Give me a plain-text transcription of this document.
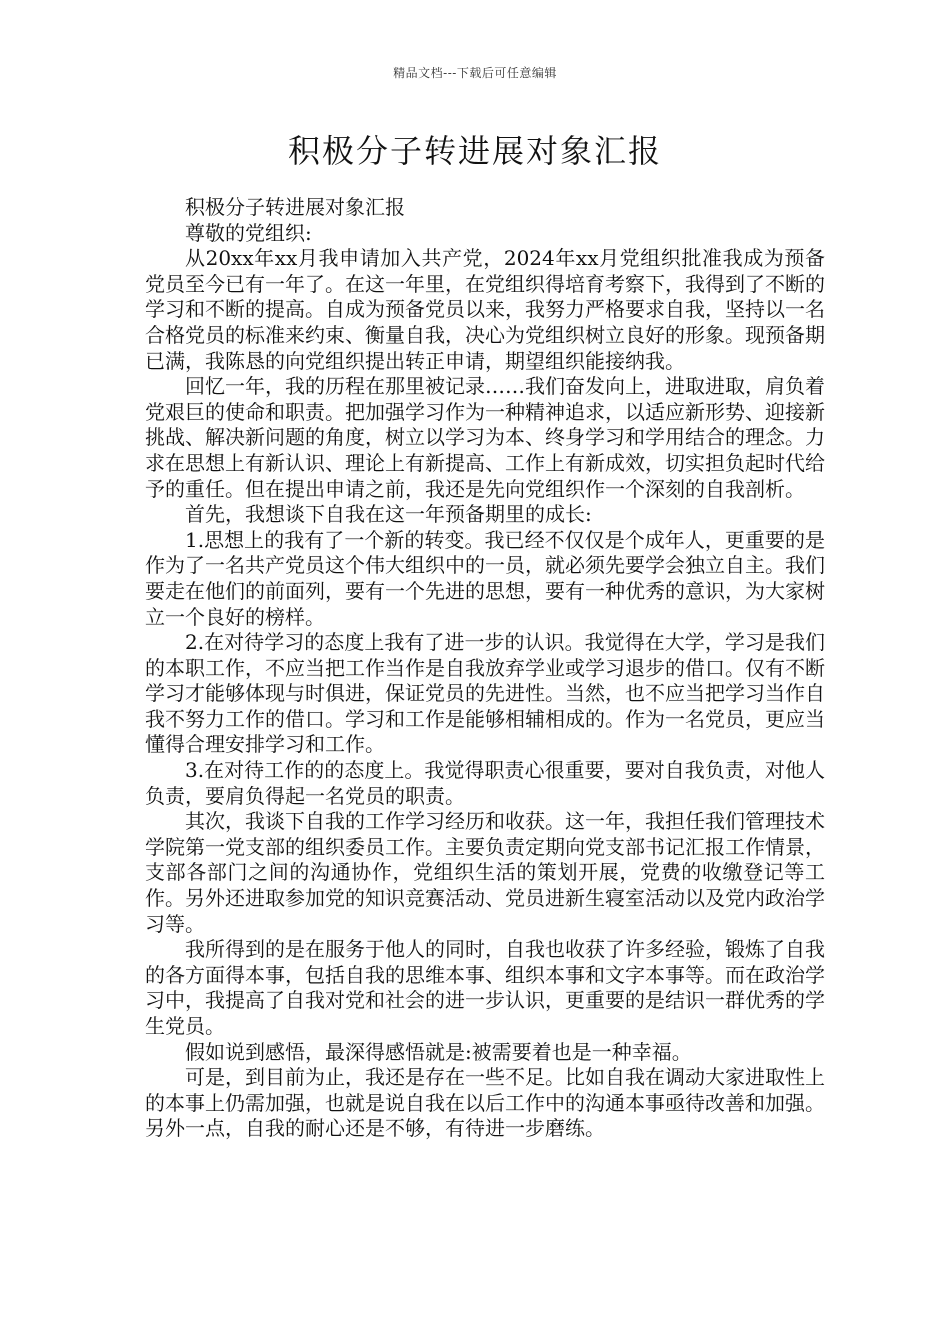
精品文档---下载后可任意编辑
积极分子转进展对象汇报

积极分子转进展对象汇报

尊敬的党组织:

从20xx年xx月我申请加入共产党，2024年xx月党组织批准我成为预备党员至今已有一年了。在这一年里，在党组织得培育考察下，我得到了不断的学习和不断的提高。自成为预备党员以来，我努力严格要求自我，坚持以一名合格党员的标准来约束、衡量自我，决心为党组织树立良好的形象。现预备期已满，我陈恳的向党组织提出转正申请，期望组织能接纳我。

回忆一年，我的历程在那里被记录……我们奋发向上，进取进取，肩负着党艰巨的使命和职责。把加强学习作为一种精神追求，以适应新形势、迎接新挑战、解决新问题的角度，树立以学习为本、终身学习和学用结合的理念。力求在思想上有新认识、理论上有新提高、工作上有新成效，切实担负起时代给予的重任。但在提出申请之前，我还是先向党组织作一个深刻的自我剖析。

首先，我想谈下自我在这一年预备期里的成长:

1.思想上的我有了一个新的转变。我已经不仅仅是个成年人，更重要的是作为了一名共产党员这个伟大组织中的一员，就必须先要学会独立自主。我们要走在他们的前面列，要有一个先进的思想，要有一种优秀的意识，为大家树立一个良好的榜样。

2.在对待学习的态度上我有了进一步的认识。我觉得在大学，学习是我们的本职工作，不应当把工作当作是自我放弃学业或学习退步的借口。仅有不断学习才能够体现与时俱进，保证党员的先进性。当然，也不应当把学习当作自我不努力工作的借口。学习和工作是能够相辅相成的。作为一名党员，更应当懂得合理安排学习和工作。

3.在对待工作的的态度上。我觉得职责心很重要，要对自我负责，对他人负责，要肩负得起一名党员的职责。

其次，我谈下自我的工作学习经历和收获。这一年，我担任我们管理技术学院第一党支部的组织委员工作。主要负责定期向党支部书记汇报工作情景，支部各部门之间的沟通协作，党组织生活的策划开展，党费的收缴登记等工作。另外还进取参加党的知识竞赛活动、党员进新生寝室活动以及党内政治学习等。

我所得到的是在服务于他人的同时，自我也收获了许多经验，锻炼了自我的各方面得本事，包括自我的思维本事、组织本事和文字本事等。而在政治学习中，我提高了自我对党和社会的进一步认识，更重要的是结识一群优秀的学生党员。

假如说到感悟，最深得感悟就是:被需要着也是一种幸福。

可是，到目前为止，我还是存在一些不足。比如自我在调动大家进取性上的本事上仍需加强，也就是说自我在以后工作中的沟通本事亟待改善和加强。另外一点，自我的耐心还是不够，有待进一步磨练。
